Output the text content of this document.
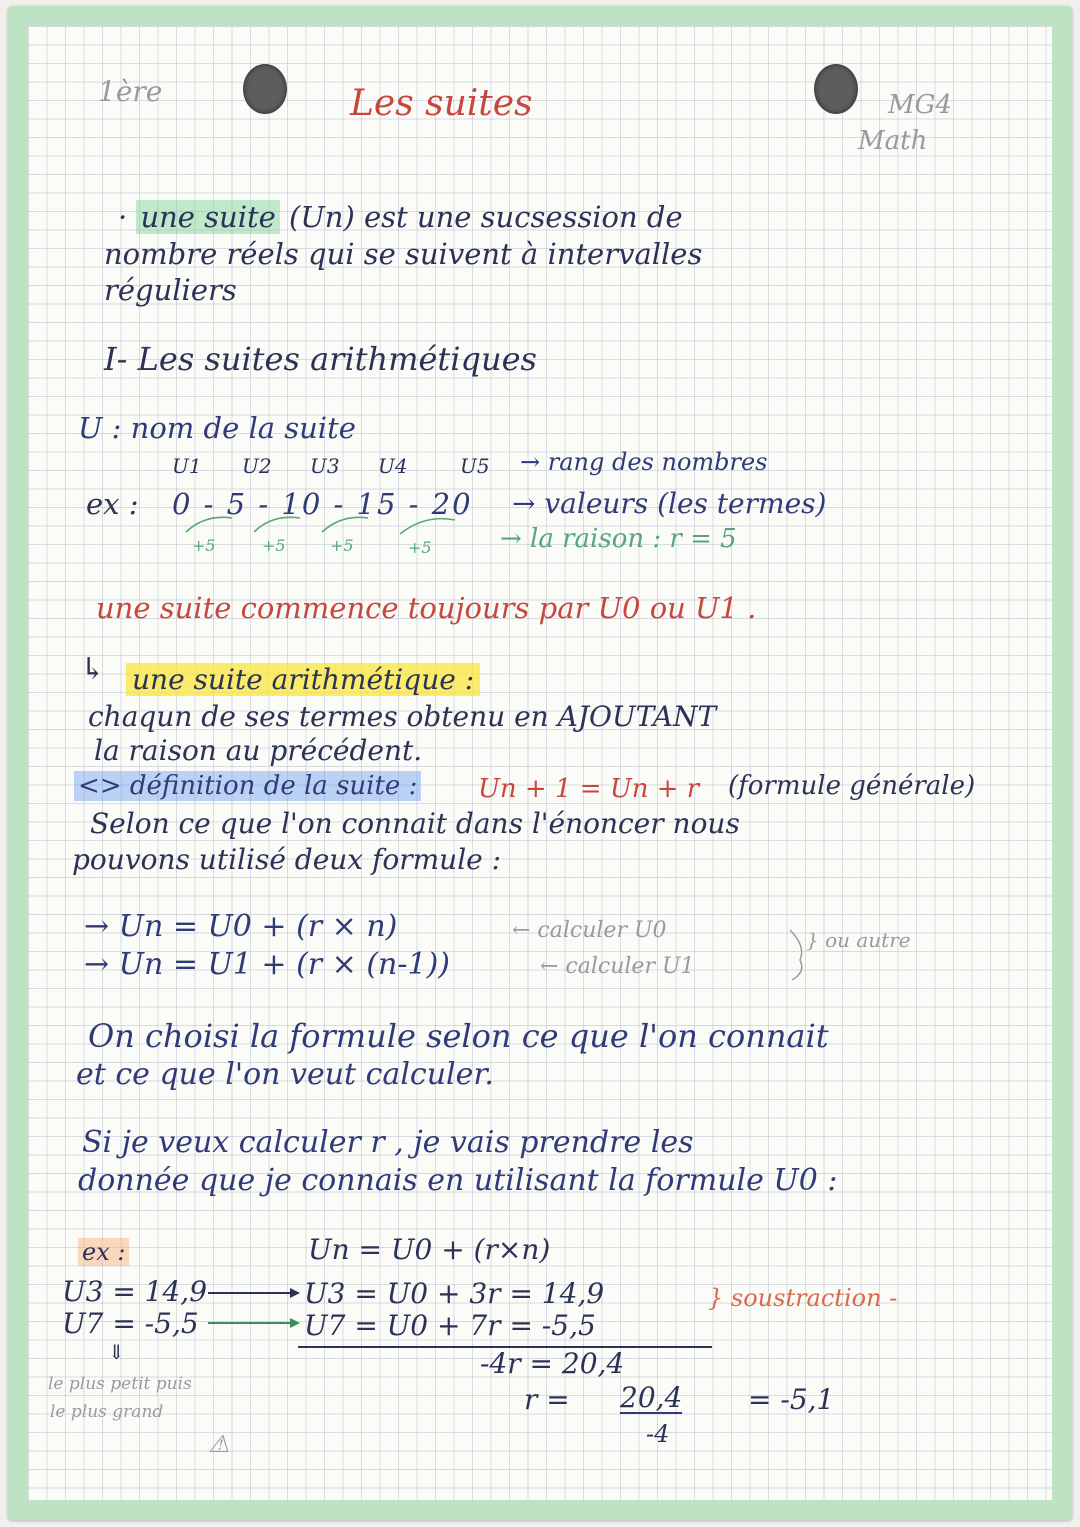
1ère	Les suites	MG4
Math
· une suite (Un) est une sucsession de
nombre réels qui se suivent à intervalles
réguliers
I- Les suites arithmétiques
U : nom de la suite
U1 U2 U3 U4	U5 → rang des nombres
ex : 0 - 5 - 10 - 15 - 20 → valeurs (les termes)
+5	+5	+5	+5	→ la raison : r = 5
une suite commence toujours par U0 ou U1 .
↳ une suite arithmétique :
chaqun de ses termes obtenu en AJOUTANT
la raison au précédent.
<> définition de la suite : Un + 1 = Un + r (formule générale)
Selon ce que l'on connait dans l'énoncer nous
pouvons utilisé deux formule :
→ Un = U0 + (r × n)	← calculer U0
→ Un = U1 + (r × (n-1))	← calculer U1
} ou autre
On choisi la formule selon ce que l'on connait
et ce que l'on veut calculer.
Si je veux calculer r , je vais prendre les
donnée que je connais en utilisant la formule U0 :
ex :	Un = U0 + (r×n)
U3 = 14,9
U7 = -5,5
U3 = U0 + 3r = 14,9
U7 = U0 + 7r = -5,5
} soustraction -
-4r = 20,4
r = 20,4
-4
= -5,1
⇓
le plus petit puis
le plus grand
⚠
